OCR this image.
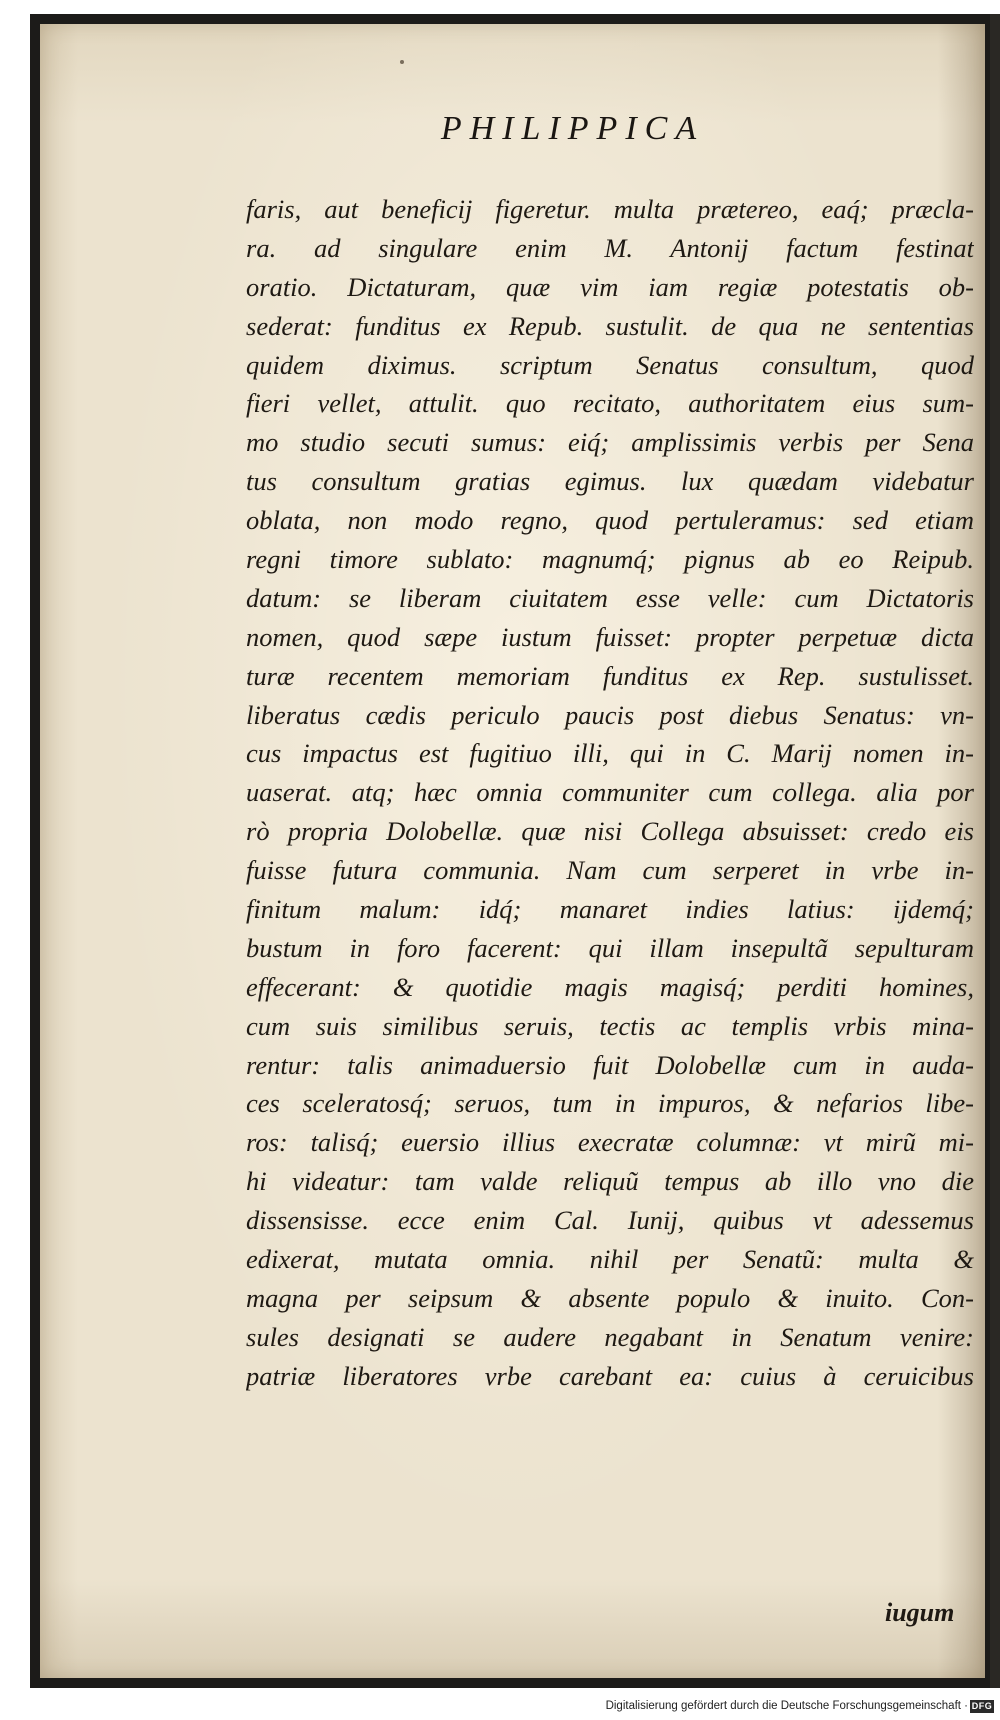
PHILIPPICA
faris, aut beneficij figeretur. multa prætereo, eaq́; præcla-
ra. ad singulare enim M. Antonij factum festinat
oratio. Dictaturam, quæ vim iam regiæ potestatis ob-
sederat: funditus ex Repub. sustulit. de qua ne sententias
quidem diximus. scriptum Senatus consultum, quod
fieri vellet, attulit. quo recitato, authoritatem eius sum-
mo studio secuti sumus: eiq́; amplissimis verbis per Sena
tus consultum gratias egimus. lux quædam videbatur
oblata, non modo regno, quod pertuleramus: sed etiam
regni timore sublato: magnumq́; pignus ab eo Reipub.
datum: se liberam ciuitatem esse velle: cum Dictatoris
nomen, quod sæpe iustum fuisset: propter perpetuæ dicta
turæ recentem memoriam funditus ex Rep. sustulisset.
liberatus cædis periculo paucis post diebus Senatus: vn-
cus impactus est fugitiuo illi, qui in C. Marij nomen in-
uaserat. atq; hæc omnia communiter cum collega. alia por
rò propria Dolobellæ. quæ nisi Collega absuisset: credo eis
fuisse futura communia. Nam cum serperet in vrbe in-
finitum malum: idq́; manaret indies latius: ijdemq́;
bustum in foro facerent: qui illam insepultã sepulturam
effecerant: & quotidie magis magisq́; perditi homines,
cum suis similibus seruis, tectis ac templis vrbis mina-
rentur: talis animaduersio fuit Dolobellæ cum in auda-
ces sceleratosq́; seruos, tum in impuros, & nefarios libe-
ros: talisq́; euersio illius execratæ columnæ: vt mirũ mi-
hi videatur: tam valde reliquũ tempus ab illo vno die
dissensisse. ecce enim Cal. Iunij, quibus vt adessemus
edixerat, mutata omnia. nihil per Senatũ: multa &
magna per seipsum & absente populo & inuito. Con-
sules designati se audere negabant in Senatum venire:
patriæ liberatores vrbe carebant ea: cuius à ceruicibus
iugum
Digitalisierung gefördert durch die Deutsche Forschungsgemeinschaft · DFG
